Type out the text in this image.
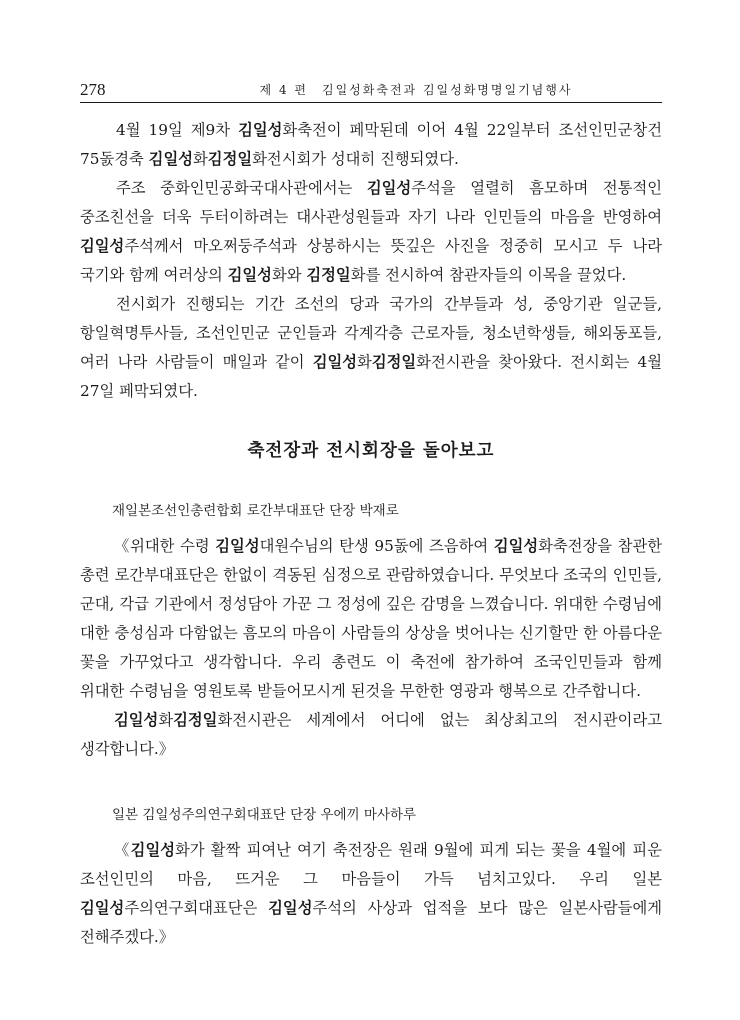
278	제 4 편　김일성화축전과 김일성화명명일기념행사

4월 19일 제9차 김일성화축전이 페막된데 이어 4월 22일부터 조선인민군창건 75돐경축 김일성화김정일화전시회가 성대히 진행되였다.

주조 중화인민공화국대사관에서는 김일성주석을 열렬히 흠모하며 전통적인 중조친선을 더욱 두터이하려는 대사관성원들과 자기 나라 인민들의 마음을 반영하여 김일성주석께서 마오쩌둥주석과 상봉하시는 뜻깊은 사진을 정중히 모시고 두 나라 국기와 함께 여러상의 김일성화와 김정일화를 전시하여 참관자들의 이목을 끌었다.

전시회가 진행되는 기간 조선의 당과 국가의 간부들과 성, 중앙기관 일군들, 항일혁명투사들, 조선인민군 군인들과 각계각층 근로자들, 청소년학생들, 해외동포들, 여러 나라 사람들이 매일과 같이 김일성화김정일화전시관을 찾아왔다. 전시회는 4월 27일 페막되였다.

축전장과 전시회장을 돌아보고

재일본조선인총련합회 로간부대표단 단장 박재로

《위대한 수령 김일성대원수님의 탄생 95돐에 즈음하여 김일성화축전장을 참관한 총련 로간부대표단은 한없이 격동된 심정으로 관람하였습니다. 무엇보다 조국의 인민들, 군대, 각급 기관에서 정성담아 가꾼 그 정성에 깊은 감명을 느꼈습니다. 위대한 수령님에 대한 충성심과 다함없는 흠모의 마음이 사람들의 상상을 벗어나는 신기할만 한 아름다운 꽃을 가꾸었다고 생각합니다. 우리 총련도 이 축전에 참가하여 조국인민들과 함께 위대한 수령님을 영원토록 받들어모시게 된것을 무한한 영광과 행복으로 간주합니다.

김일성화김정일화전시관은 세계에서 어디에 없는 최상최고의 전시관이라고 생각합니다.》

일본 김일성주의연구회대표단 단장 우에끼 마사하루

《김일성화가 활짝 피여난 여기 축전장은 원래 9월에 피게 되는 꽃을 4월에 피운 조선인민의 마음, 뜨거운 그 마음들이 가득 넘치고있다. 우리 일본 김일성주의연구회대표단은 김일성주석의 사상과 업적을 보다 많은 일본사람들에게 전해주겠다.》
